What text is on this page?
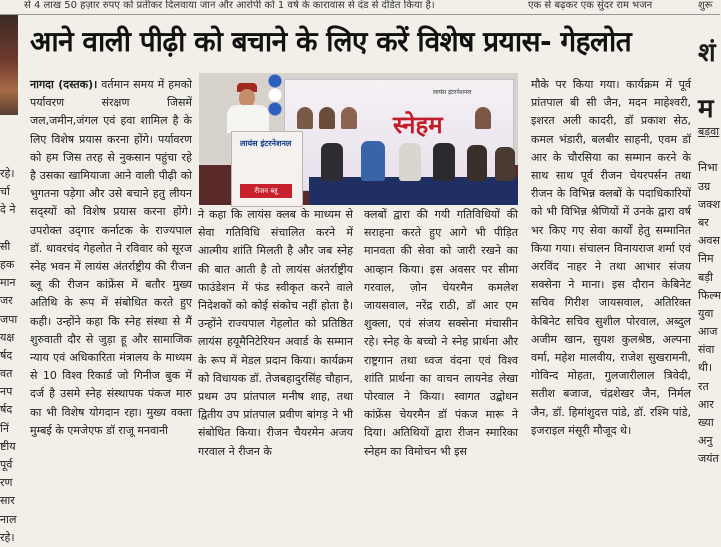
से 4 लाख 50 हज़ार रुपए को प्रतीकर दिलवाया जान और आरोपी को 1 वर्ष के कारावास से दंड से दंडित किया है।	एक से बढ़कर एक सुंदर राम भजन	शुरू
रहे।
र्चा
दे ने
सी
हक
मान
जर
जपा
यक्ष
र्षद
वत
नप
र्षद
निं
ष्टीय
पूर्व
रण
सार
नाल
रहे।
आने वाली पीढ़ी को बचाने के लिए करें विशेष प्रयास- गेहलोत
नागदा (दस्तक)। वर्तमान समय में हमको पर्यावरण संरक्षण जिसमें जल,जमीन,जंगल एवं हवा शामिल है के लिए विशेष प्रयास करना होंगे। पर्यावरण को हम जिस तरह से नुकसान पहुंचा रहे है उसका खामियाजा आने वाली पीढ़ी को भुगतना पड़ेगा और उसे बचाने हतु लीयन सद्‌स्यों को विशेष प्रयास करना होंगे। उपरोक्त उद्‌गार कर्नाटक के राज्यपाल डॉ. थावरचंद गेहलोत ने रविवार को सूरज स्नेह भवन में लायंस अंतर्राष्ट्रीय की रीजन ब्लू की रीजन कांफ्रेंस में बतौर मुख्य अतिथि के रूप में संबोधित करते हुए कही। उन्होंने कहा कि स्नेह संस्था से मैं शुरुवाती दौर से जुड़ा हू और सामाजिक न्याय एवं अधिकारिता मंत्रालय के माध्यम से 10 विश्व रिकार्ड जो गिनीज बुक में दर्ज है उसमे स्नेह संस्थापक पंकज मारु का भी विशेष योगदान रहा। मुख्य वक्ता मुम्बई के एमजेएफ डॉ राजू मनवानी
लायंस इंटरनेशनल
स्नेहम
लायंस इंटरनेशनल
रीजन ब्लू
ने कहा कि लायंस क्लब के माध्यम से सेवा गतिविधि संचालित करने में आत्मीय शांति मिलती है और जब स्नेह की बात आती है तो लायंस अंतर्राष्ट्रीय फाउंडेशन में फंड स्वीकृत करने वाले निदेशकों को कोई संकोच नहीं होता है। उन्होंने राज्यपाल गेहलोत को प्रतिष्ठित लायंस हयूमैनिटेरियन अवार्ड के सम्मान के रूप में मेडल प्रदान किया। कार्यक्रम को विधायक डॉ. तेजबहादुरसिंह चौहान, प्रथम उप प्रांतपाल मनीष शाह, तथा द्वितीय उप प्रांतपाल प्रवीण बांगड़ ने भी संबोधित किया। रीजन चैयरमेन अजय गरवाल ने रीजन के
क्लबों द्वारा की गयी गतिविधियों की सराहना करते हुए आगे भी पीड़ित मानवता की सेवा को जारी रखने का आव्हान किया। इस अवसर पर सीमा गरवाल, ज़ोन चेयरमैन कमलेश जायसवाल, नरेंद्र राठी, डॉ आर एम शुक्ला, एवं संजय सक्सेना मंचासीन रहे। स्नेह के बच्चो ने स्नेह प्रार्थना और राष्ट्रगान तथा ध्वज वंदना एवं विश्व शांति प्रार्थना का वाचन लायनेड लेखा पोरवाल ने किया। स्वागत उद्बोधन कांफ्रेंस चेयरमैन डॉ पंकज मारू ने दिया। अतिथियों द्वारा रीजन स्मारिका स्नेहम का विमोचन भी इस
मौके पर किया गया। कार्यक्रम में पूर्व प्रांतपाल बी सी जैन, मदन माहेश्वरी, इशरत अली कादरी, डॉ प्रकाश सेठ, कमल भंडारी, बलबीर साहनी, एवम डॉ आर के चौरसिया का सम्मान करने के साथ साथ पूर्व रीजन चेयरपर्सन तथा रीजन के विभिन्न क्लबों के पदाधिकारियों को भी विभिन्न श्रेणियों में उनके द्वारा वर्ष भर किए गए सेवा कार्यों हेतु सम्मानित किया गया। संचालन विनायराज शर्मा एवं अरविंद नाहर ने तथा आभार संजय सक्सेना ने माना। इस दौरान केबिनेट सचिव गिरीश जायसवाल, अतिरिक्त केबिनेट सचिव सुशील पोरवाल, अब्दुल अजीम खान, सुयश कुलश्रेष्ठ, अल्पना वर्मा, महेश मालवीय, राजेश सुखरामनी, गोविन्द मोहता, गुलजारीलाल त्रिवेदी, सतीश बजाज, चंद्रशेखर जैन, निर्मल जैन, डॉ. हिमांशुदत्त पांडे, डॉ. रश्मि पांडे, इजराइल मंसूरी मौजूद थे।
शं
म
बड़वा
निभा
उग्र
जक्श
बर
अवस
निम
बड़ी
फिल्म
युवा
आज
संवा
थी।
रत
आर
ख्या
अनु
जयंत
